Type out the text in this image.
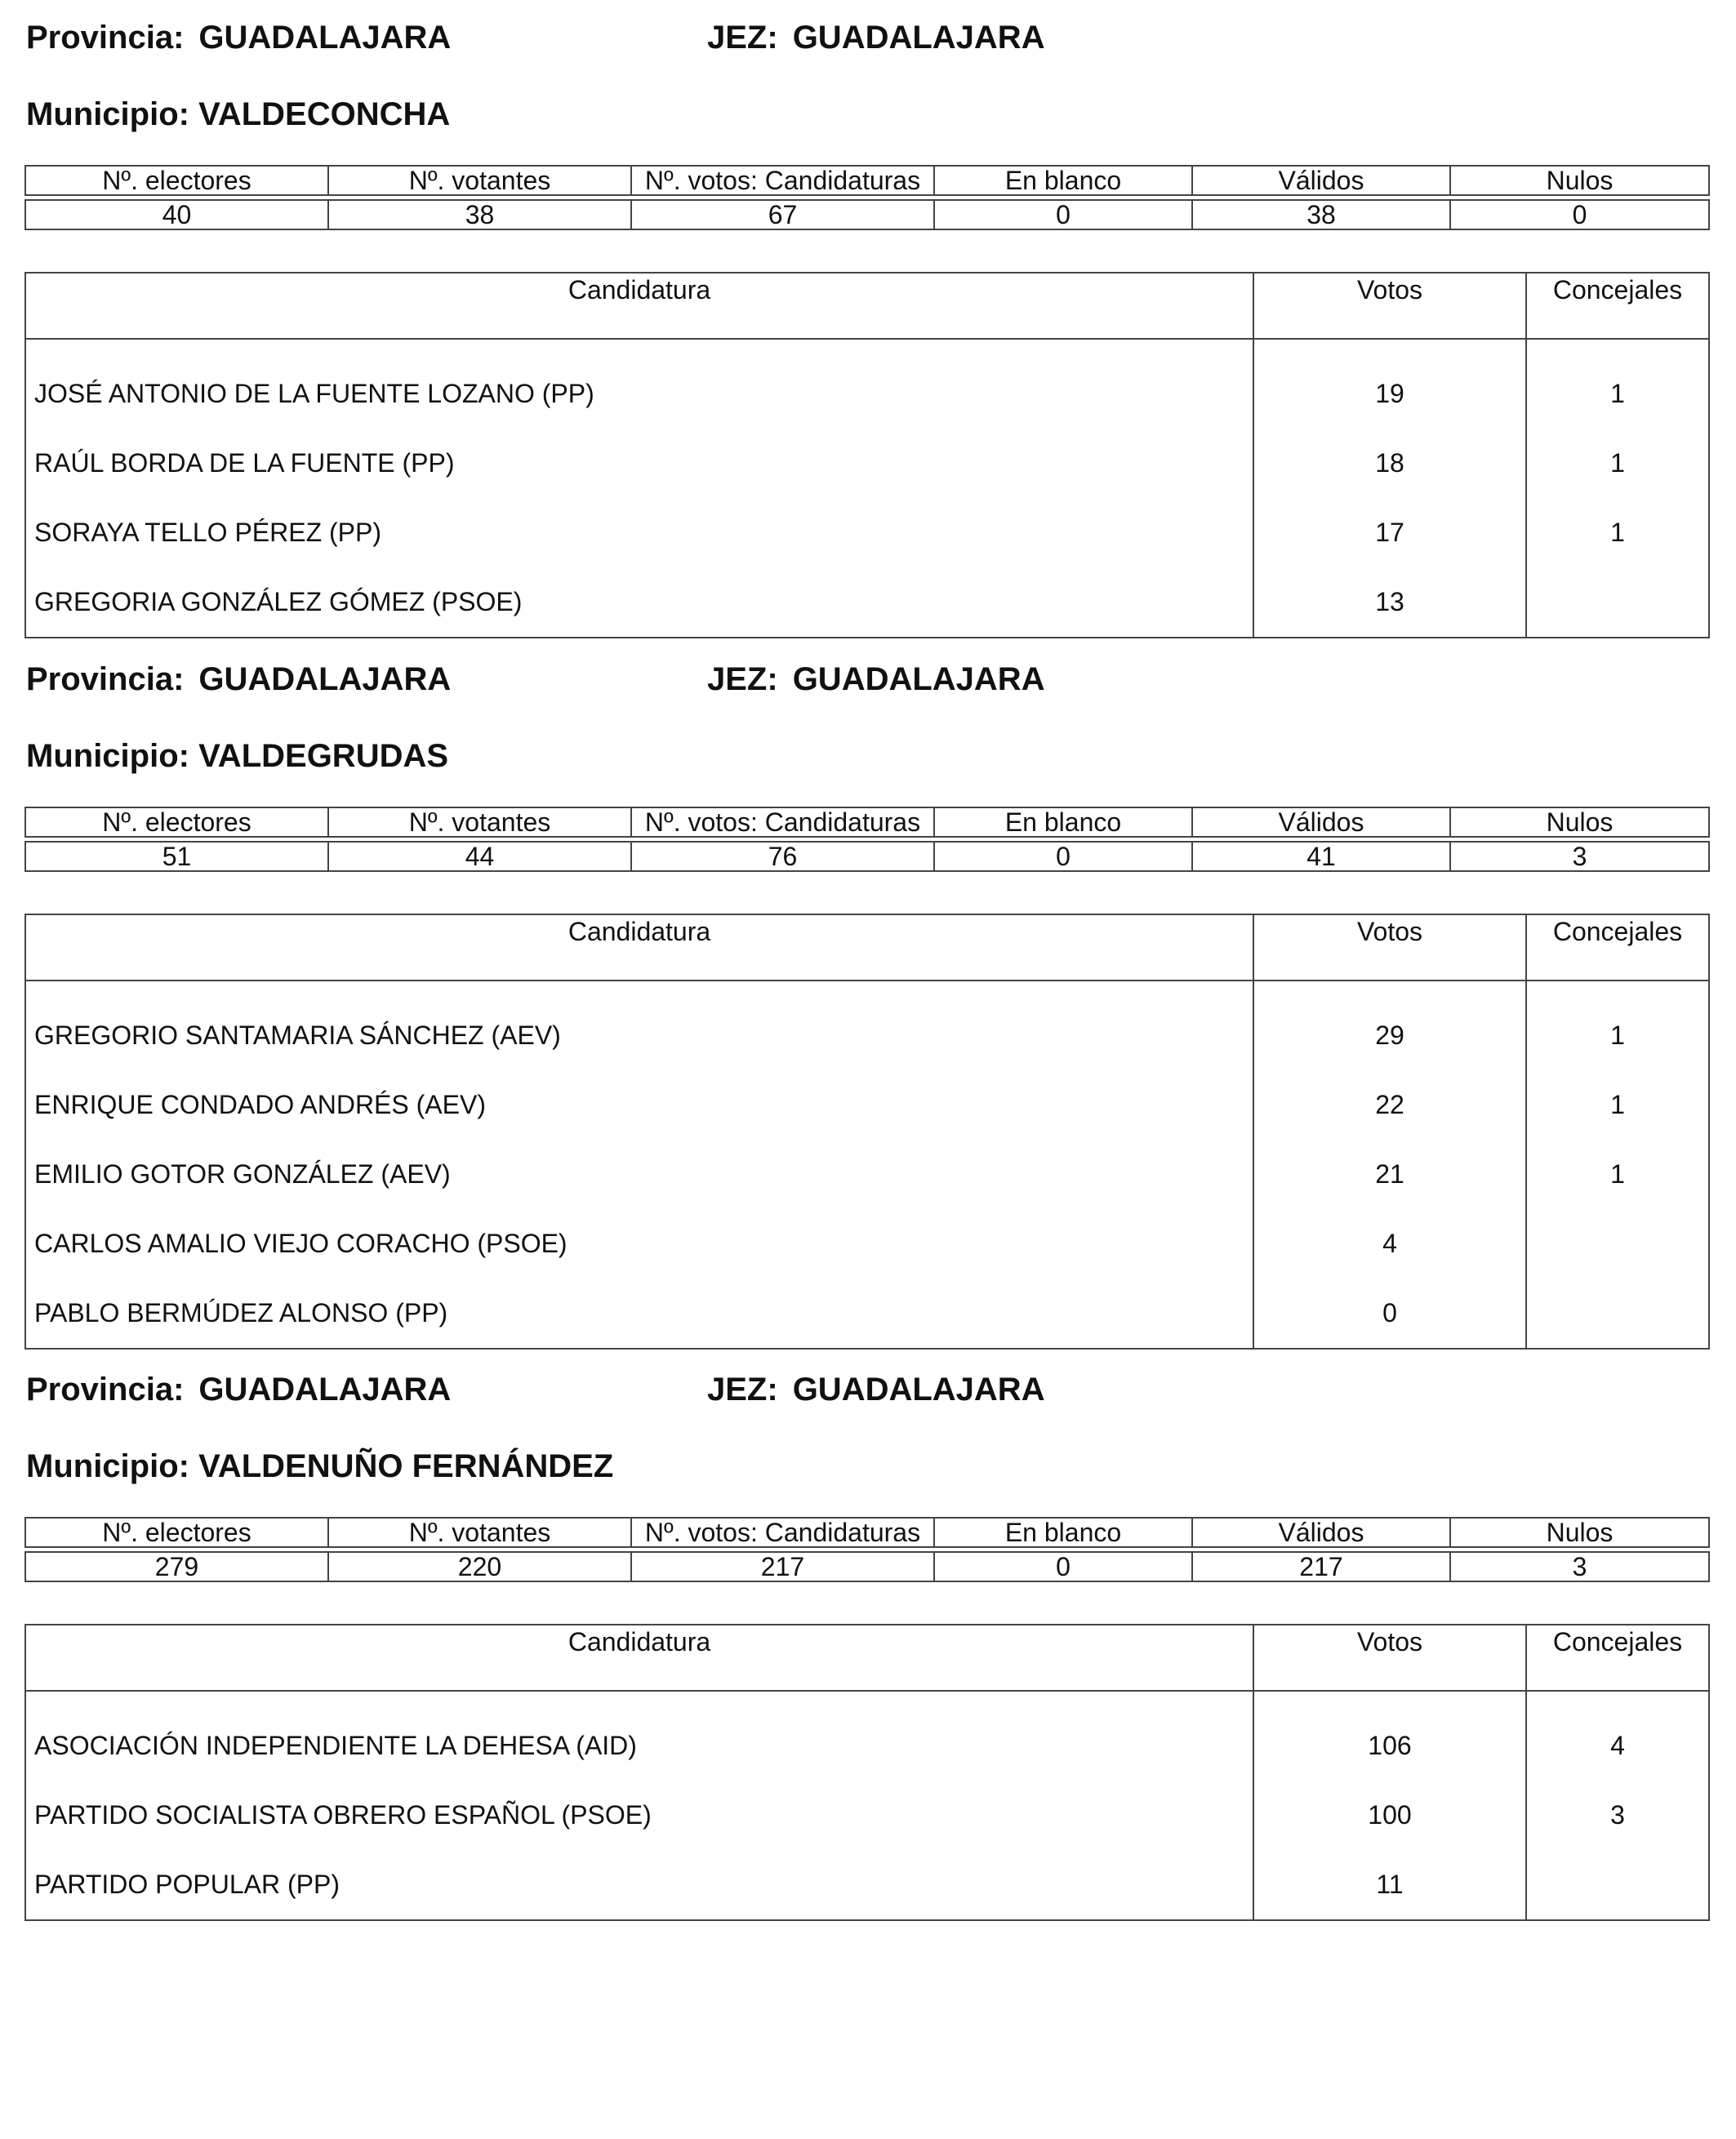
Provincia: GUADALAJARA	JEZ: GUADALAJARA
Municipio: VALDECONCHA
Nº. electores	Nº. votantes	Nº. votos: Candidaturas	En blanco	Válidos	Nulos

40	38	67	0	38	0
Candidatura	Votos	Concejales
JOSÉ ANTONIO DE LA FUENTE LOZANO (PP)	19	1
RAÚL BORDA DE LA FUENTE (PP)	18	1
SORAYA TELLO PÉREZ (PP)	17	1
GREGORIA GONZÁLEZ GÓMEZ (PSOE)	13	
Provincia: GUADALAJARA	JEZ: GUADALAJARA
Municipio: VALDEGRUDAS
Nº. electores	Nº. votantes	Nº. votos: Candidaturas	En blanco	Válidos	Nulos

51	44	76	0	41	3
Candidatura	Votos	Concejales
GREGORIO SANTAMARIA SÁNCHEZ (AEV)	29	1
ENRIQUE CONDADO ANDRÉS (AEV)	22	1
EMILIO GOTOR GONZÁLEZ (AEV)	21	1
CARLOS AMALIO VIEJO CORACHO (PSOE)	4	
PABLO BERMÚDEZ ALONSO (PP)	0	
Provincia: GUADALAJARA	JEZ: GUADALAJARA
Municipio: VALDENUÑO FERNÁNDEZ
Nº. electores	Nº. votantes	Nº. votos: Candidaturas	En blanco	Válidos	Nulos

279	220	217	0	217	3
Candidatura	Votos	Concejales
ASOCIACIÓN INDEPENDIENTE LA DEHESA (AID)	106	4
PARTIDO SOCIALISTA OBRERO ESPAÑOL (PSOE)	100	3
PARTIDO POPULAR (PP)	11	
